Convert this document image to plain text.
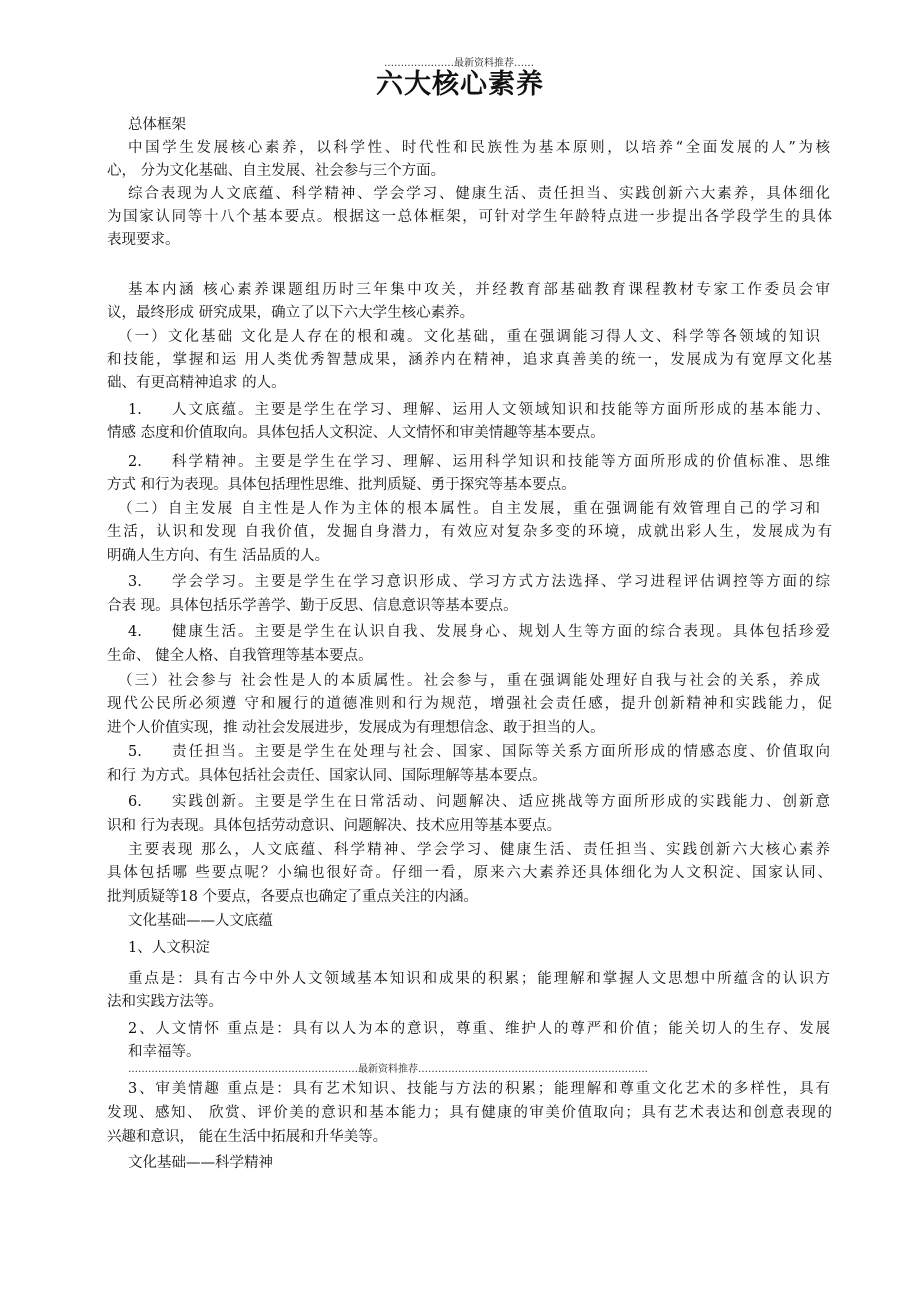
…………………最新资料推荐……
六大核心素养
总体框架
中国学生发展核心素养，以科学性、时代性和民族性为基本原则，以培养“全面发展的人”为核
心， 分为文化基础、自主发展、社会参与三个方面。
综合表现为人文底蕴、科学精神、学会学习、健康生活、责任担当、实践创新六大素养，具体细化
为国家认同等十八个基本要点。根据这一总体框架，可针对学生年龄特点进一步提出各学段学生的具体
表现要求。
基本内涵 核心素养课题组历时三年集中攻关，并经教育部基础教育课程教材专家工作委员会审
议，最终形成 研究成果，确立了以下六大学生核心素养。
（一）文化基础 文化是人存在的根和魂。文化基础，重在强调能习得人文、科学等各领域的知识
和技能，掌握和运 用人类优秀智慧成果，涵养内在精神，追求真善美的统一，发展成为有宽厚文化基
础、有更高精神追求 的人。
1. 人文底蕴。主要是学生在学习、理解、运用人文领域知识和技能等方面所形成的基本能力、
情感 态度和价值取向。具体包括人文积淀、人文情怀和审美情趣等基本要点。
2. 科学精神。主要是学生在学习、理解、运用科学知识和技能等方面所形成的价值标准、思维
方式 和行为表现。具体包括理性思维、批判质疑、勇于探究等基本要点。
（二）自主发展 自主性是人作为主体的根本属性。自主发展，重在强调能有效管理自己的学习和
生活，认识和发现 自我价值，发掘自身潜力，有效应对复杂多变的环境，成就出彩人生，发展成为有
明确人生方向、有生 活品质的人。
3. 学会学习。主要是学生在学习意识形成、学习方式方法选择、学习进程评估调控等方面的综
合表 现。具体包括乐学善学、勤于反思、信息意识等基本要点。
4. 健康生活。主要是学生在认识自我、发展身心、规划人生等方面的综合表现。具体包括珍爱
生命、 健全人格、自我管理等基本要点。
（三）社会参与 社会性是人的本质属性。社会参与，重在强调能处理好自我与社会的关系，养成
现代公民所必须遵 守和履行的道德准则和行为规范，增强社会责任感，提升创新精神和实践能力，促
进个人价值实现，推 动社会发展进步，发展成为有理想信念、敢于担当的人。
5. 责任担当。主要是学生在处理与社会、国家、国际等关系方面所形成的情感态度、价值取向
和行 为方式。具体包括社会责任、国家认同、国际理解等基本要点。
6. 实践创新。主要是学生在日常活动、问题解决、适应挑战等方面所形成的实践能力、创新意
识和 行为表现。具体包括劳动意识、问题解决、技术应用等基本要点。
主要表现 那么，人文底蕴、科学精神、学会学习、健康生活、责任担当、实践创新六大核心素养
具体包括哪 些要点呢？小编也很好奇。仔细一看，原来六大素养还具体细化为人文积淀、国家认同、
批判质疑等18 个要点，各要点也确定了重点关注的内涵。
文化基础——人文底蕴
1、人文积淀
重点是：具有古今中外人文领域基本知识和成果的积累；能理解和掌握人文思想中所蕴含的认识方
法和实践方法等。
2、人文情怀 重点是：具有以人为本的意识，尊重、维护人的尊严和价值；能关切人的生存、发展
和幸福等。
3、审美情趣 重点是：具有艺术知识、技能与方法的积累；能理解和尊重文化艺术的多样性，具有
发现、感知、 欣赏、评价美的意识和基本能力；具有健康的审美价值取向；具有艺术表达和创意表现的
兴趣和意识， 能在生活中拓展和升华美等。
文化基础——科学精神
……………………………………………………………最新资料推荐……………………………………………………………
